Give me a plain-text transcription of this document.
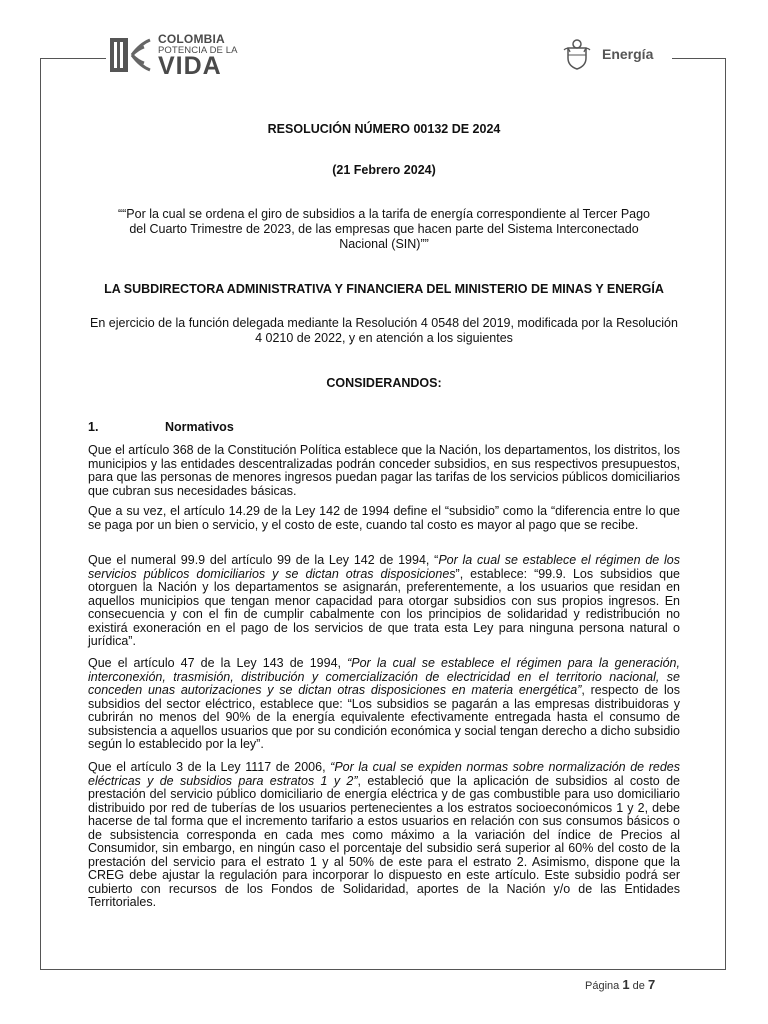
COLOMBIA
POTENCIA DE LA
VIDA	Energía
RESOLUCIÓN NÚMERO 00132 DE 2024
(21 Febrero 2024)
““Por la cual se ordena el giro de subsidios a la tarifa de energía correspondiente al Tercer Pago del Cuarto Trimestre de 2023, de las empresas que hacen parte del Sistema Interconectado Nacional (SIN)””
LA SUBDIRECTORA ADMINISTRATIVA Y FINANCIERA DEL MINISTERIO DE MINAS Y ENERGÍA
En ejercicio de la función delegada mediante la Resolución 4 0548 del 2019, modificada por la Resolución 4 0210 de 2022, y en atención a los siguientes
CONSIDERANDOS:
1.	Normativos
Que el artículo 368 de la Constitución Política establece que la Nación, los departamentos, los distritos, los municipios y las entidades descentralizadas podrán conceder subsidios, en sus respectivos presupuestos, para que las personas de menores ingresos puedan pagar las tarifas de los servicios públicos domiciliarios que cubran sus necesidades básicas.
Que a su vez, el artículo 14.29 de la Ley 142 de 1994 define el “subsidio” como la “diferencia entre lo que se paga por un bien o servicio, y el costo de este, cuando tal costo es mayor al pago que se recibe.
Que el numeral 99.9 del artículo 99 de la Ley 142 de 1994, “Por la cual se establece el régimen de los servicios públicos domiciliarios y se dictan otras disposiciones”, establece: “99.9. Los subsidios que otorguen la Nación y los departamentos se asignarán, preferentemente, a los usuarios que residan en aquellos municipios que tengan menor capacidad para otorgar subsidios con sus propios ingresos. En consecuencia y con el fin de cumplir cabalmente con los principios de solidaridad y redistribución no existirá exoneración en el pago de los servicios de que trata esta Ley para ninguna persona natural o jurídica”.
Que el artículo 47 de la Ley 143 de 1994, “Por la cual se establece el régimen para la generación, interconexión, trasmisión, distribución y comercialización de electricidad en el territorio nacional, se conceden unas autorizaciones y se dictan otras disposiciones en materia energética”, respecto de los subsidios del sector eléctrico, establece que: “Los subsidios se pagarán a las empresas distribuidoras y cubrirán no menos del 90% de la energía equivalente efectivamente entregada hasta el consumo de subsistencia a aquellos usuarios que por su condición económica y social tengan derecho a dicho subsidio según lo establecido por la ley”.
Que el artículo 3 de la Ley 1117 de 2006, “Por la cual se expiden normas sobre normalización de redes eléctricas y de subsidios para estratos 1 y 2”, estableció que la aplicación de subsidios al costo de prestación del servicio público domiciliario de energía eléctrica y de gas combustible para uso domiciliario distribuido por red de tuberías de los usuarios pertenecientes a los estratos socioeconómicos 1 y 2, debe hacerse de tal forma que el incremento tarifario a estos usuarios en relación con sus consumos básicos o de subsistencia corresponda en cada mes como máximo a la variación del índice de Precios al Consumidor, sin embargo, en ningún caso el porcentaje del subsidio será superior al 60% del costo de la prestación del servicio para el estrato 1 y al 50% de este para el estrato 2. Asimismo, dispone que la CREG debe ajustar la regulación para incorporar lo dispuesto en este artículo. Este subsidio podrá ser cubierto con recursos de los Fondos de Solidaridad, aportes de la Nación y/o de las Entidades Territoriales.
Página 1 de 7
